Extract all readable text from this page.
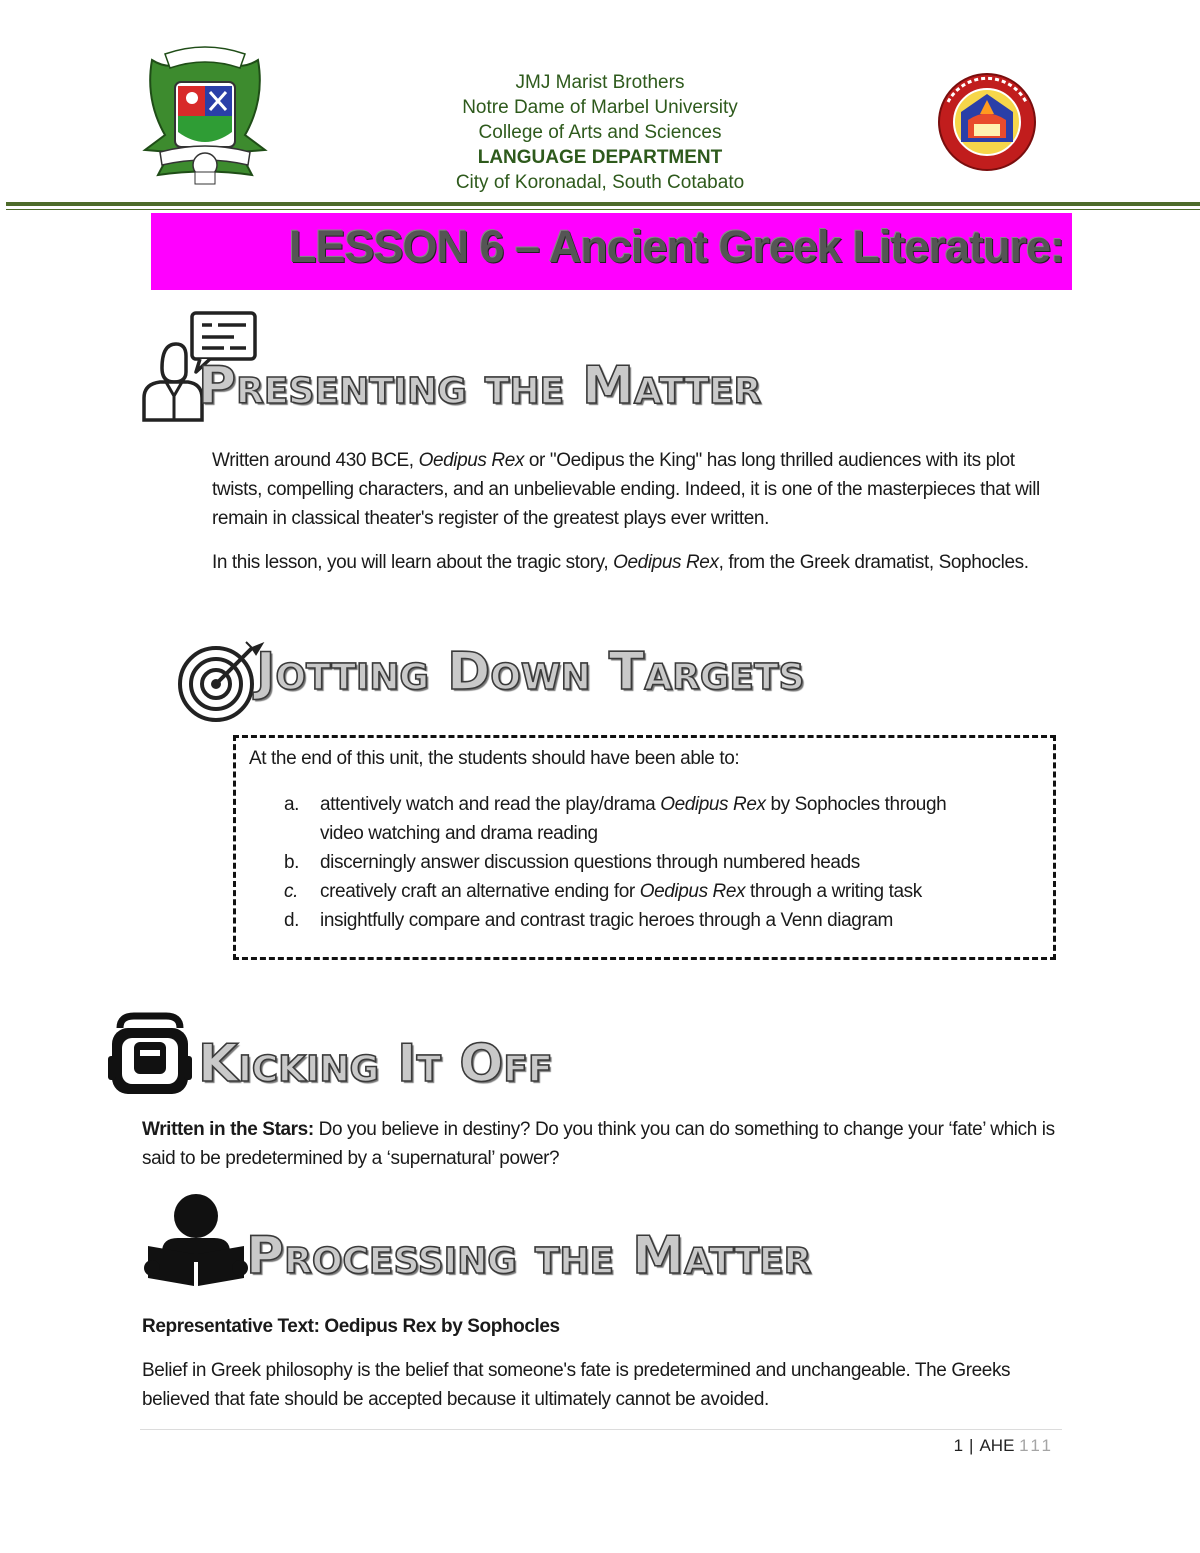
JMJ Marist Brothers
Notre Dame of Marbel University
College of Arts and Sciences
LANGUAGE DEPARTMENT
City of Koronadal, South Cotabato
LESSON 6 – Ancient Greek Literature:
Presenting the Matter
Written around 430 BCE, Oedipus Rex or "Oedipus the King" has long thrilled audiences with its plot twists, compelling characters, and an unbelievable ending. Indeed, it is one of the masterpieces that will remain in classical theater's register of the greatest plays ever written.
In this lesson, you will learn about the tragic story, Oedipus Rex, from the Greek dramatist, Sophocles.
Jotting Down Targets
At the end of this unit, the students should have been able to:
a. attentively watch and read the play/drama Oedipus Rex by Sophocles through
video watching and drama reading
b. discerningly answer discussion questions through numbered heads
c. creatively craft an alternative ending for Oedipus Rex through a writing task
d. insightfully compare and contrast tragic heroes through a Venn diagram
Kicking It Off
Written in the Stars: Do you believe in destiny? Do you think you can do something to change your ‘fate’ which is said to be predetermined by a ‘supernatural’ power?
Processing the Matter
Representative Text: Oedipus Rex by Sophocles
Belief in Greek philosophy is the belief that someone's fate is predetermined and unchangeable. The Greeks believed that fate should be accepted because it ultimately cannot be avoided.
1 | AHE 111
